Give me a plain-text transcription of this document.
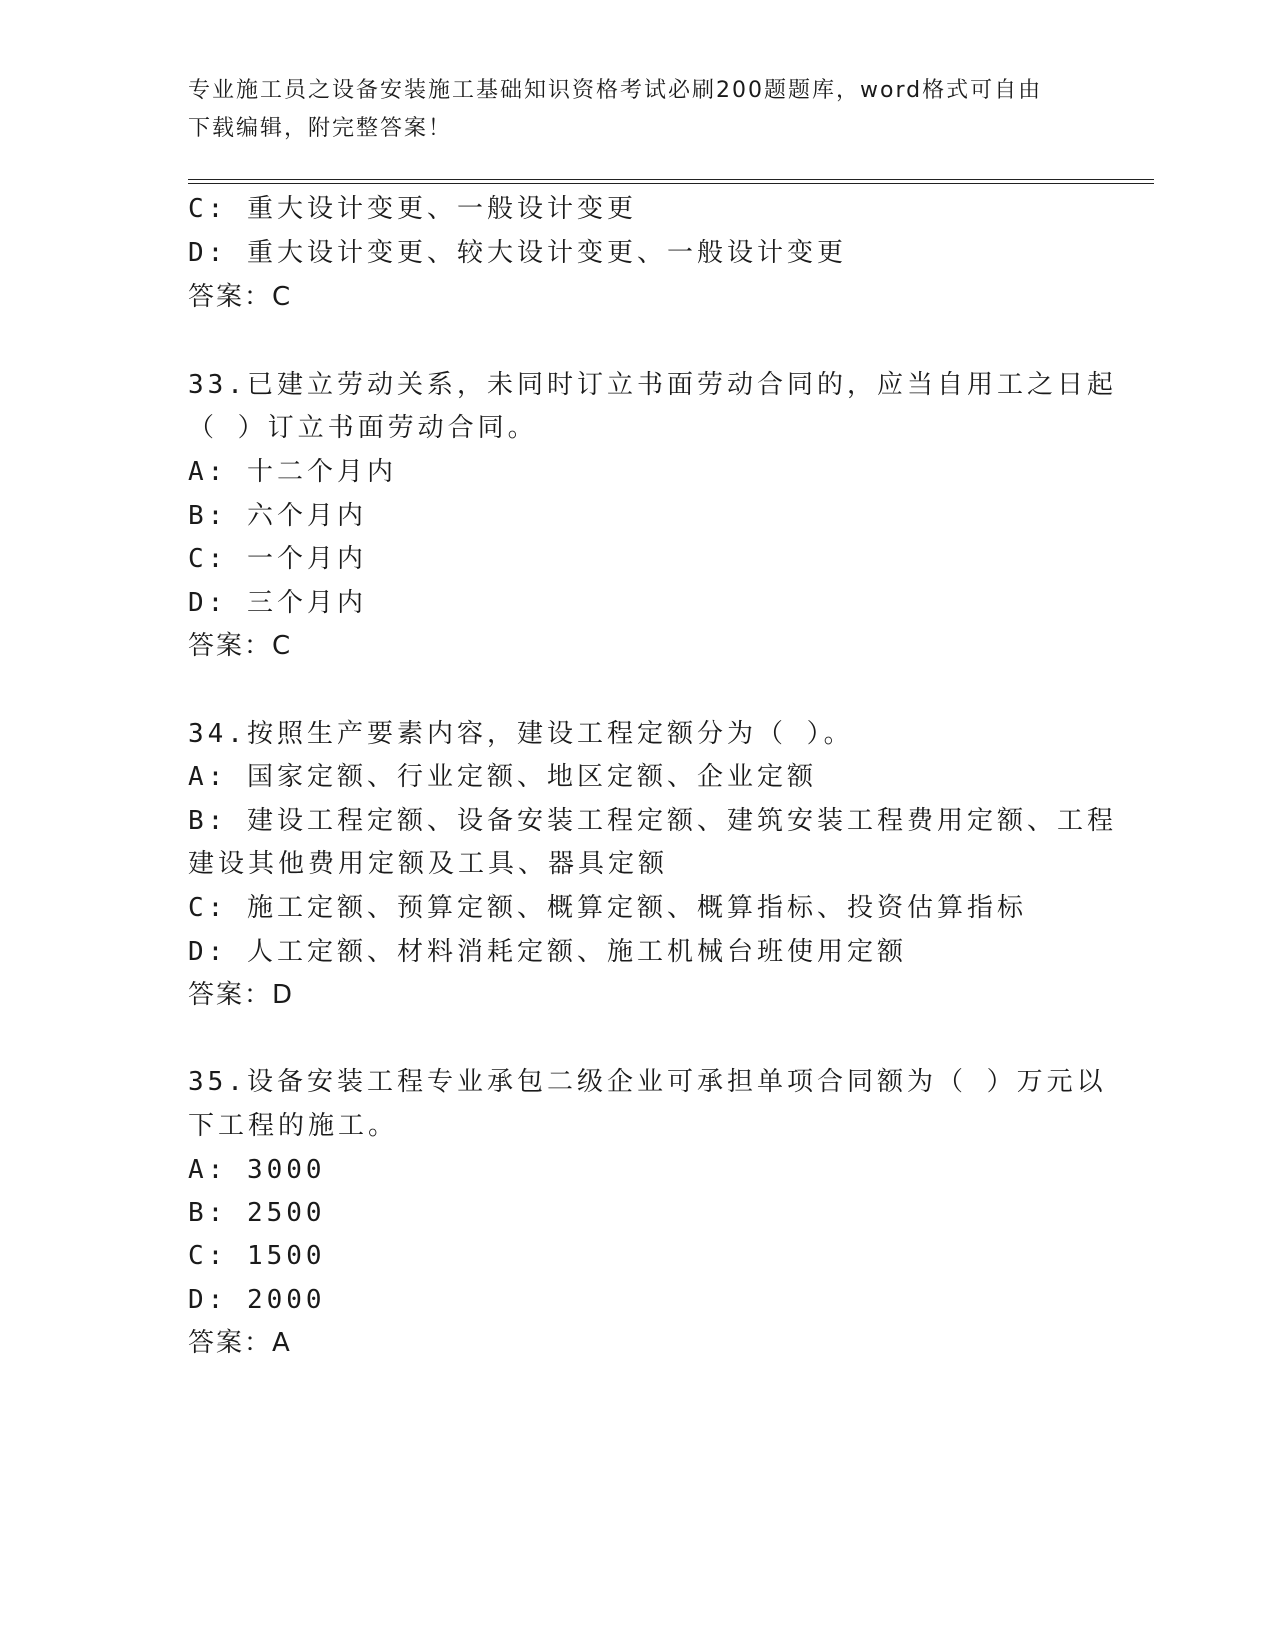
专业施工员之设备安装施工基础知识资格考试必刷200题题库，word格式可自由
下载编辑，附完整答案！
C: 重大设计变更、一般设计变更
D: 重大设计变更、较大设计变更、一般设计变更
答案：C
33.已建立劳动关系，未同时订立书面劳动合同的，应当自用工之日起
（ ）订立书面劳动合同。
A: 十二个月内
B: 六个月内
C: 一个月内
D: 三个月内
答案：C
34.按照生产要素内容，建设工程定额分为（ ）。
A: 国家定额、行业定额、地区定额、企业定额
B: 建设工程定额、设备安装工程定额、建筑安装工程费用定额、工程
建设其他费用定额及工具、器具定额
C: 施工定额、预算定额、概算定额、概算指标、投资估算指标
D: 人工定额、材料消耗定额、施工机械台班使用定额
答案：D
35.设备安装工程专业承包二级企业可承担单项合同额为（ ）万元以
下工程的施工。
A: 3000
B: 2500
C: 1500
D: 2000
答案：A
